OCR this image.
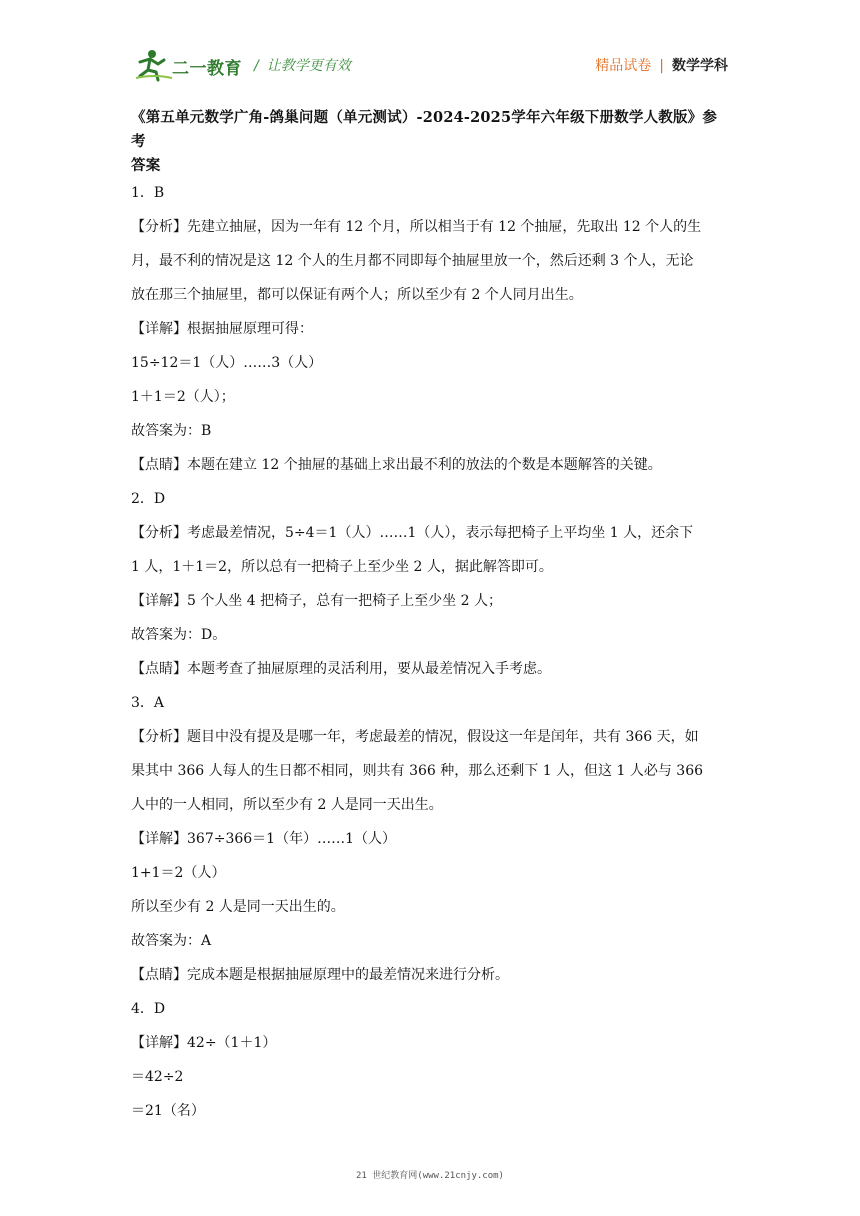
二一教育 / 让教学更有效	精品试卷 | 数学学科
《第五单元数学广角-鸽巢问题（单元测试）-2024-2025学年六年级下册数学人教版》参考
答案
1．B
【分析】先建立抽屉，因为一年有 12 个月，所以相当于有 12 个抽屉，先取出 12 个人的生
月，最不利的情况是这 12 个人的生月都不同即每个抽屉里放一个，然后还剩 3 个人，无论
放在那三个抽屉里，都可以保证有两个人；所以至少有 2 个人同月出生。
【详解】根据抽屉原理可得：
15÷12＝1（人）……3（人）
1＋1＝2（人）；
故答案为：B
【点睛】本题在建立 12 个抽屉的基础上求出最不利的放法的个数是本题解答的关键。
2．D
【分析】考虑最差情况，5÷4＝1（人）……1（人），表示每把椅子上平均坐 1 人，还余下
1 人，1＋1＝2，所以总有一把椅子上至少坐 2 人，据此解答即可。
【详解】5 个人坐 4 把椅子，总有一把椅子上至少坐 2 人；
故答案为：D。
【点睛】本题考查了抽屉原理的灵活利用，要从最差情况入手考虑。
3．A
【分析】题目中没有提及是哪一年，考虑最差的情况，假设这一年是闰年，共有 366 天，如
果其中 366 人每人的生日都不相同，则共有 366 种，那么还剩下 1 人，但这 1 人必与 366
人中的一人相同，所以至少有 2 人是同一天出生。
【详解】367÷366＝1（年）……1（人）
1+1＝2（人）
所以至少有 2 人是同一天出生的。
故答案为：A
【点睛】完成本题是根据抽屉原理中的最差情况来进行分析。
4．D
【详解】42÷（1＋1）
＝42÷2
＝21（名）
21 世纪教育网(www.21cnjy.com)
